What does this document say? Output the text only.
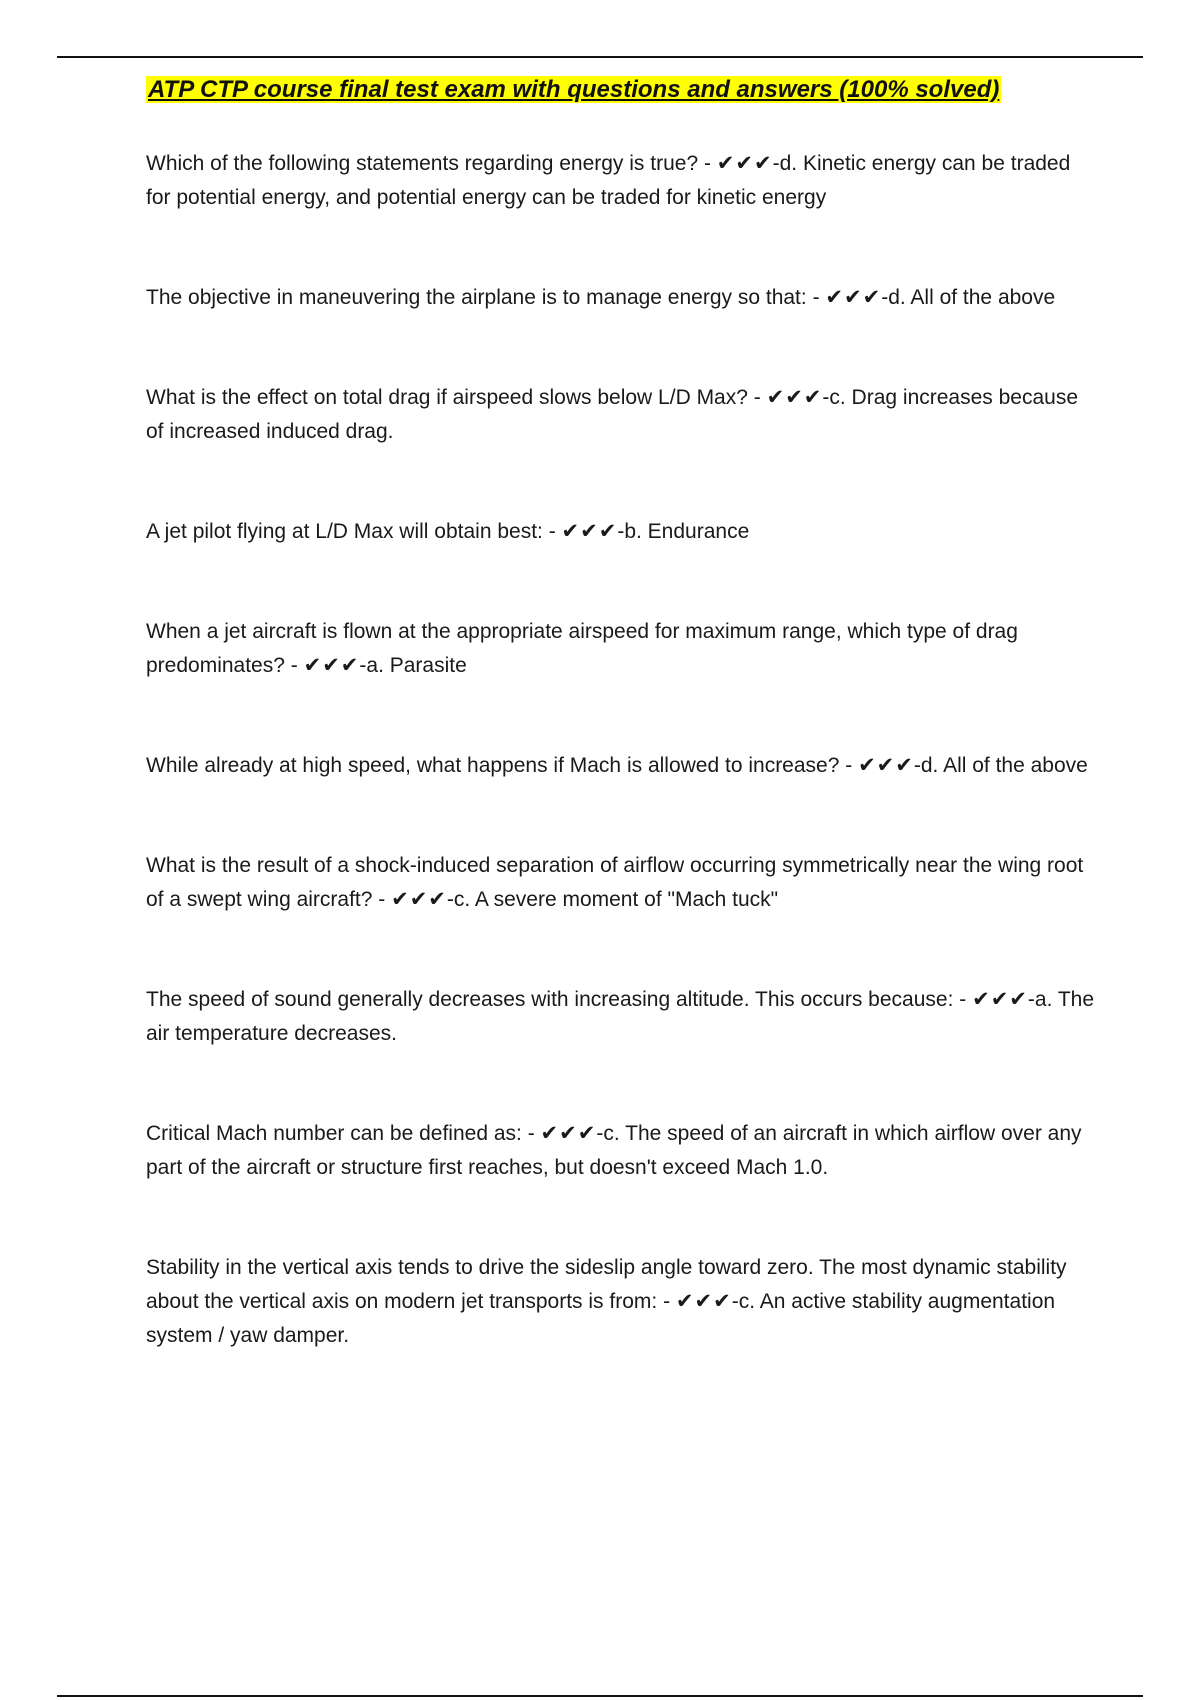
ATP CTP course final test exam with questions and answers (100% solved)

Which of the following statements regarding energy is true? - ✔✔✔-d. Kinetic energy can be traded for potential energy, and potential energy can be traded for kinetic energy

The objective in maneuvering the airplane is to manage energy so that: - ✔✔✔-d. All of the above

What is the effect on total drag if airspeed slows below L/D Max? - ✔✔✔-c. Drag increases because of increased induced drag.

A jet pilot flying at L/D Max will obtain best: - ✔✔✔-b. Endurance

When a jet aircraft is flown at the appropriate airspeed for maximum range, which type of drag predominates? - ✔✔✔-a. Parasite

While already at high speed, what happens if Mach is allowed to increase? - ✔✔✔-d. All of the above

What is the result of a shock-induced separation of airflow occurring symmetrically near the wing root of a swept wing aircraft? - ✔✔✔-c. A severe moment of "Mach tuck"

The speed of sound generally decreases with increasing altitude. This occurs because: - ✔✔✔-a. The air temperature decreases.

Critical Mach number can be defined as: - ✔✔✔-c. The speed of an aircraft in which airflow over any part of the aircraft or structure first reaches, but doesn't exceed Mach 1.0.

Stability in the vertical axis tends to drive the sideslip angle toward zero. The most dynamic stability about the vertical axis on modern jet transports is from: - ✔✔✔-c. An active stability augmentation system / yaw damper.
